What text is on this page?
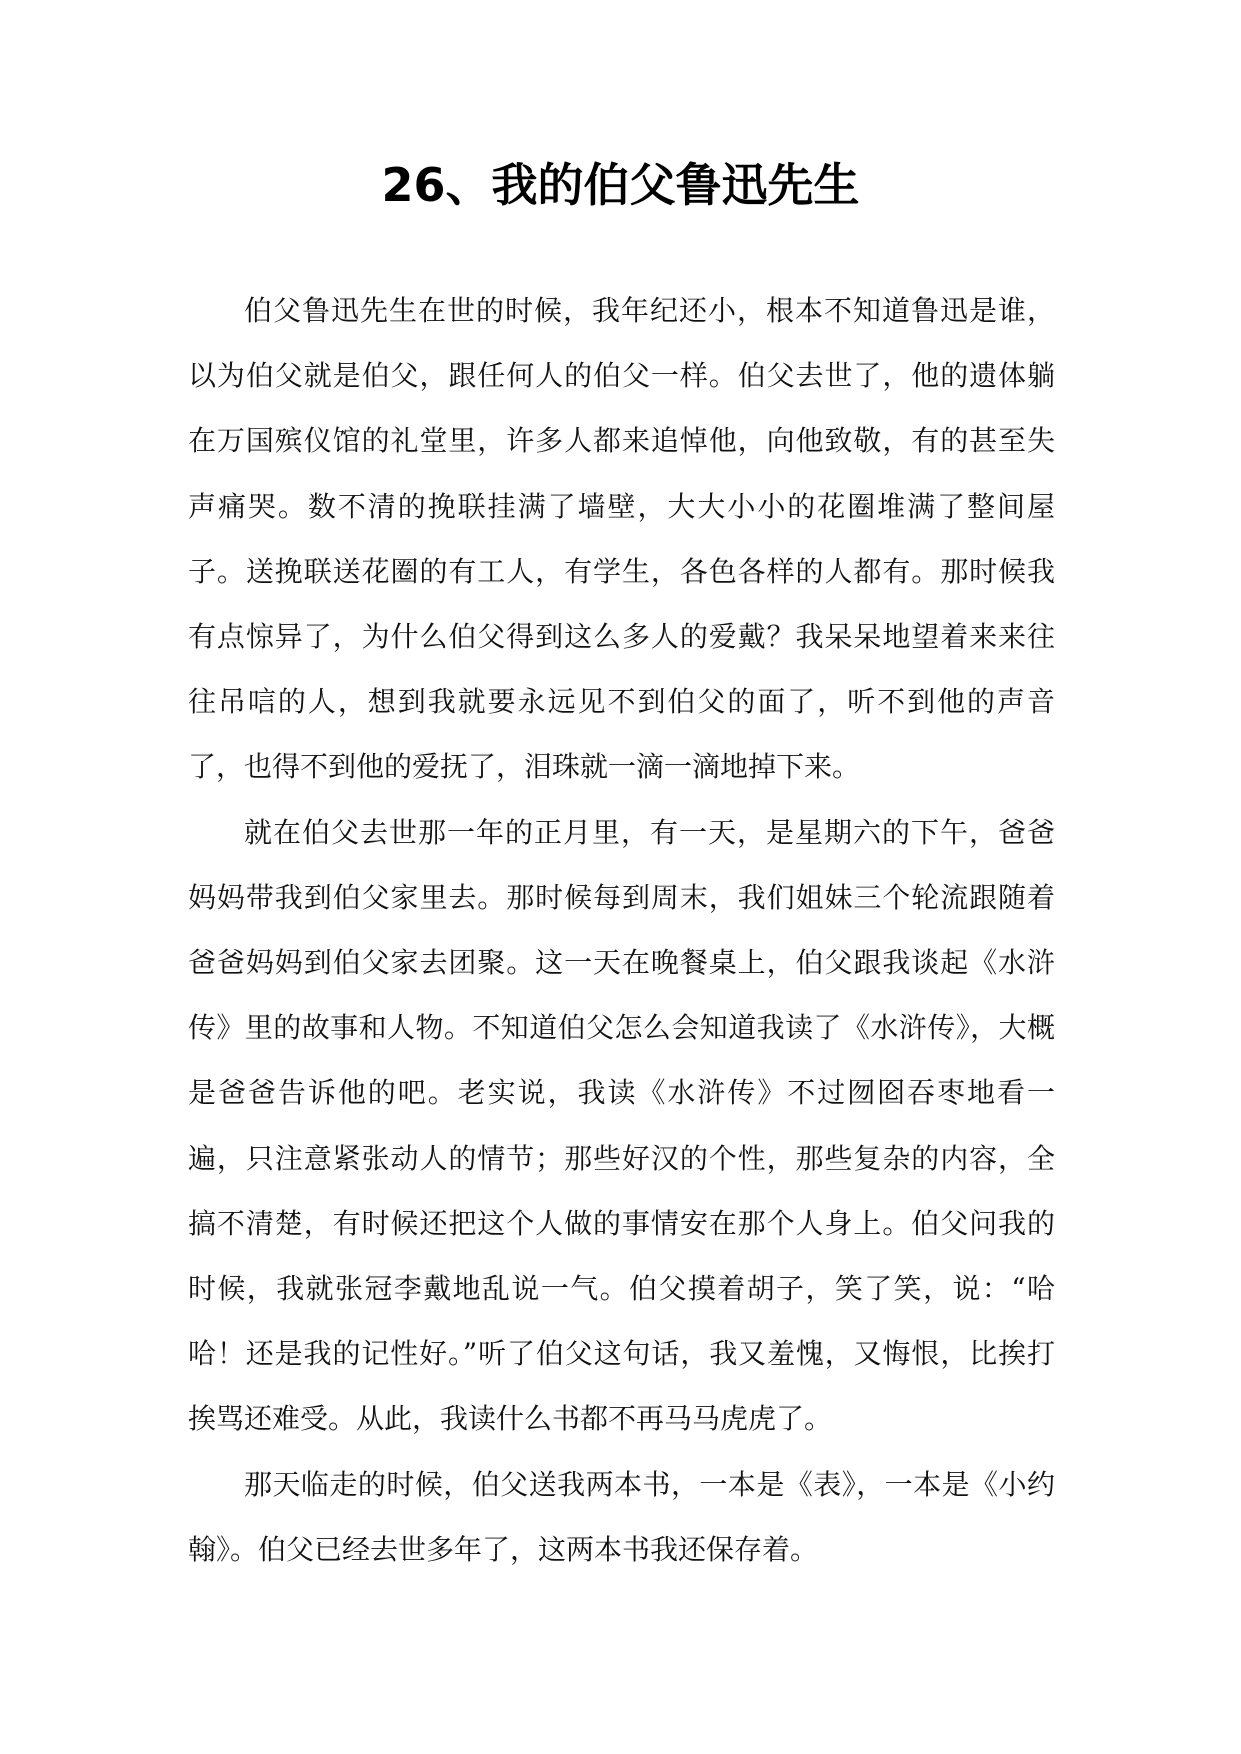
26、我的伯父鲁迅先生

伯父鲁迅先生在世的时候，我年纪还小，根本不知道鲁迅是谁，以为伯父就是伯父，跟任何人的伯父一样。伯父去世了，他的遗体躺在万国殡仪馆的礼堂里，许多人都来追悼他，向他致敬，有的甚至失声痛哭。数不清的挽联挂满了墙壁，大大小小的花圈堆满了整间屋子。送挽联送花圈的有工人，有学生，各色各样的人都有。那时候我有点惊异了，为什么伯父得到这么多人的爱戴？我呆呆地望着来来往往吊唁的人，想到我就要永远见不到伯父的面了，听不到他的声音了，也得不到他的爱抚了，泪珠就一滴一滴地掉下来。

就在伯父去世那一年的正月里，有一天，是星期六的下午，爸爸妈妈带我到伯父家里去。那时候每到周末，我们姐妹三个轮流跟随着爸爸妈妈到伯父家去团聚。这一天在晚餐桌上，伯父跟我谈起《水浒传》里的故事和人物。不知道伯父怎么会知道我读了《水浒传》，大概是爸爸告诉他的吧。老实说，我读《水浒传》不过囫囵吞枣地看一遍，只注意紧张动人的情节；那些好汉的个性，那些复杂的内容，全搞不清楚，有时候还把这个人做的事情安在那个人身上。伯父问我的时候，我就张冠李戴地乱说一气。伯父摸着胡子，笑了笑，说：“哈哈！还是我的记性好。”听了伯父这句话，我又羞愧，又悔恨，比挨打挨骂还难受。从此，我读什么书都不再马马虎虎了。

那天临走的时候，伯父送我两本书，一本是《表》，一本是《小约翰》。伯父已经去世多年了，这两本书我还保存着。
